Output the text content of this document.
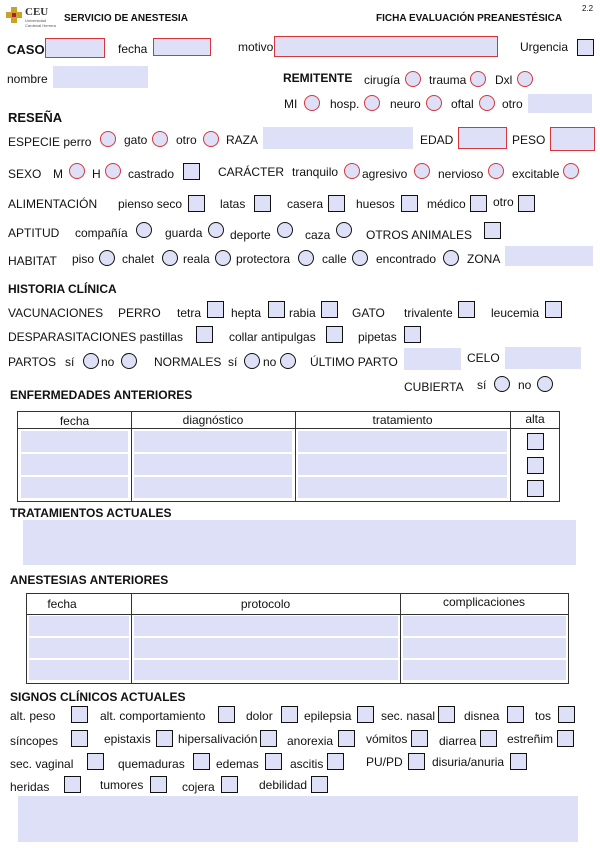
CEU
Universidad
Cardenal Herrera
SERVICIO DE ANESTESIA	FICHA EVALUACIÓN PREANESTÉSICA
2.2
CASO	fecha	motivo	Urgencia
nombre	REMITENTE cirugía trauma Dxl
MI	hosp.	neuro	oftal otro
RESEÑA
ESPECIE perro	gato otro RAZA	EDAD	PESO
SEXO M H castrado	CARÁCTER tranquilo agresivo	nervioso excitable
ALIMENTACIÓN pienso seco	latas	casera	huesos	médico otro
APTITUD compañía	guarda deporte	caza	OTROS ANIMALES
HABITAT piso chalet reala protectora	calle encontrado	ZONA
HISTORIA CLÍNICA
VACUNACIONES PERRO tetra hepta rabia	GATO trivalente	leucemia
DESPARASITACIONES pastillas	collar antipulgas	pipetas
PARTOS sí no	NORMALES sí no	ÚLTIMO PARTO	CELO
CUBIERTA sí	no
ENFERMEDADES ANTERIORES
fecha	diagnóstico	tratamiento	alta
TRATAMIENTOS ACTUALES
ANESTESIAS ANTERIORES
fecha	protocolo	complicaciones
SIGNOS CLÍNICOS ACTUALES
alt. peso	alt. comportamiento	dolor	epilepsia sec. nasal disnea	tos
síncopes	epistaxis hipersalivación anorexia	vómitos	diarrea	estreñim
sec. vaginal	quemaduras	edemas	ascitis	PU/PD disuria/anuria
heridas	tumores	cojera	debilidad
